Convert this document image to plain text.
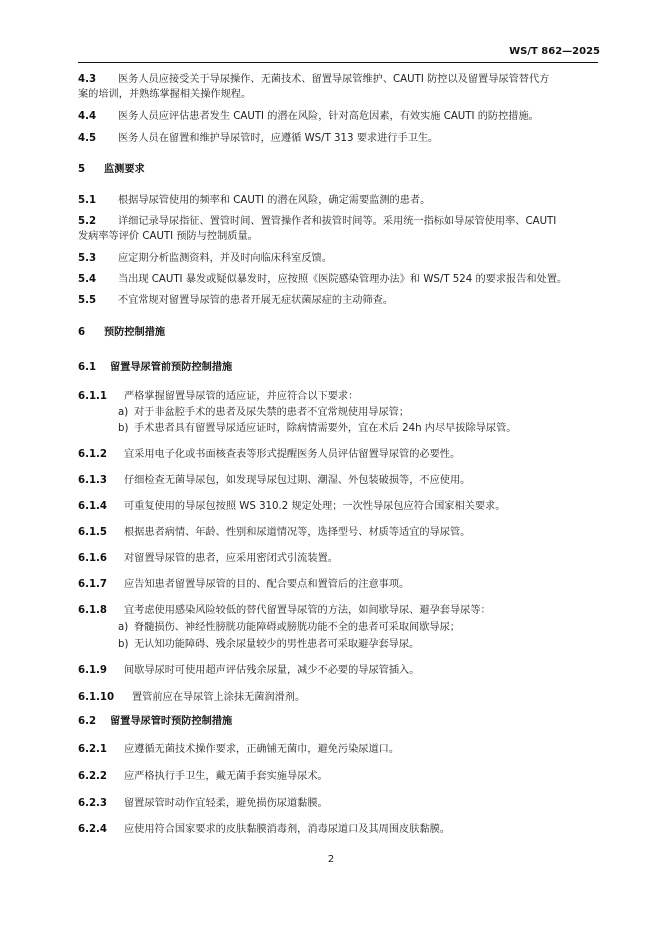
WS/T 862—2025
4.3 医务人员应接受关于导尿操作、无菌技术、留置导尿管维护、CAUTI 防控以及留置导尿管替代方
案的培训，并熟练掌握相关操作规程。
4.4 医务人员应评估患者发生 CAUTI 的潜在风险，针对高危因素，有效实施 CAUTI 的防控措施。
4.5 医务人员在留置和维护导尿管时，应遵循 WS/T 313 要求进行手卫生。
5 监测要求
5.1 根据导尿管使用的频率和 CAUTI 的潜在风险，确定需要监测的患者。
5.2 详细记录导尿指征、置管时间、置管操作者和拔管时间等。采用统一指标如导尿管使用率、CAUTI
发病率等评价 CAUTI 预防与控制质量。
5.3 应定期分析监测资料，并及时向临床科室反馈。
5.4 当出现 CAUTI 暴发或疑似暴发时，应按照《医院感染管理办法》和 WS/T 524 的要求报告和处置。
5.5 不宜常规对留置导尿管的患者开展无症状菌尿症的主动筛查。
6 预防控制措施
6.1 留置导尿管前预防控制措施
6.1.1 严格掌握留置导尿管的适应证，并应符合以下要求：
a) 对于非盆腔手术的患者及尿失禁的患者不宜常规使用导尿管；
b) 手术患者具有留置导尿适应证时，除病情需要外，宜在术后 24h 内尽早拔除导尿管。
6.1.2 宜采用电子化或书面核查表等形式提醒医务人员评估留置导尿管的必要性。
6.1.3 仔细检查无菌导尿包，如发现导尿包过期、潮湿、外包装破损等，不应使用。
6.1.4 可重复使用的导尿包按照 WS 310.2 规定处理；一次性导尿包应符合国家相关要求。
6.1.5 根据患者病情、年龄、性别和尿道情况等，选择型号、材质等适宜的导尿管。
6.1.6 对留置导尿管的患者，应采用密闭式引流装置。
6.1.7 应告知患者留置导尿管的目的、配合要点和置管后的注意事项。
6.1.8 宜考虑使用感染风险较低的替代留置导尿管的方法，如间歇导尿、避孕套导尿等：
a) 脊髓损伤、神经性膀胱功能障碍或膀胱功能不全的患者可采取间歇导尿；
b) 无认知功能障碍、残余尿量较少的男性患者可采取避孕套导尿。
6.1.9 间歇导尿时可使用超声评估残余尿量，减少不必要的导尿管插入。
6.1.10 置管前应在导尿管上涂抹无菌润滑剂。
6.2 留置导尿管时预防控制措施
6.2.1 应遵循无菌技术操作要求，正确铺无菌巾，避免污染尿道口。
6.2.2 应严格执行手卫生，戴无菌手套实施导尿术。
6.2.3 留置尿管时动作宜轻柔，避免损伤尿道黏膜。
6.2.4 应使用符合国家要求的皮肤黏膜消毒剂，消毒尿道口及其周围皮肤黏膜。
2
